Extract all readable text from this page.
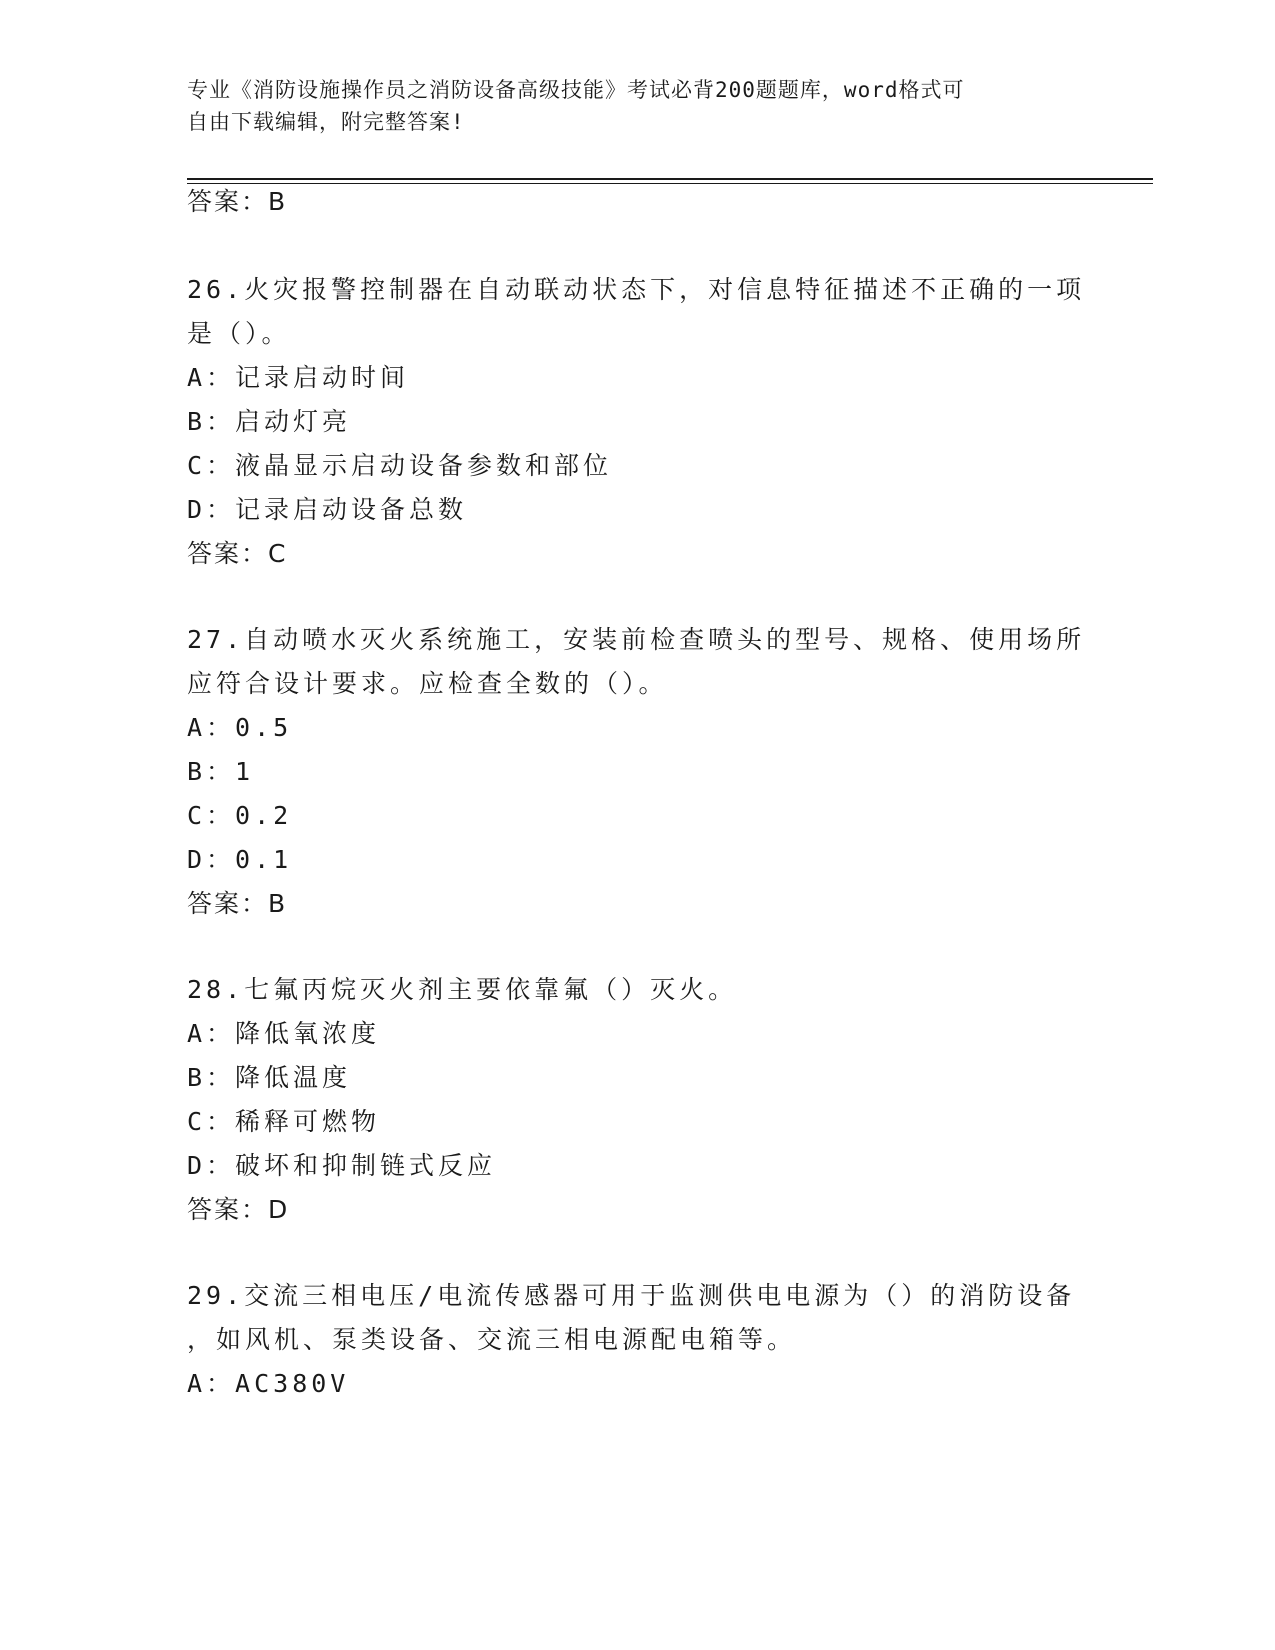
专业《消防设施操作员之消防设备高级技能》考试必背200题题库，word格式可
自由下载编辑，附完整答案!
答案：B
26.火灾报警控制器在自动联动状态下，对信息特征描述不正确的一项
是（）。
A：记录启动时间
B：启动灯亮
C：液晶显示启动设备参数和部位
D：记录启动设备总数
答案：C
27.自动喷水灭火系统施工，安装前检查喷头的型号、规格、使用场所
应符合设计要求。应检查全数的（）。
A：0.5
B：1
C：0.2
D：0.1
答案：B
28.七氟丙烷灭火剂主要依靠氟（）灭火。
A：降低氧浓度
B：降低温度
C：稀释可燃物
D：破坏和抑制链式反应
答案：D
29.交流三相电压/电流传感器可用于监测供电电源为（）的消防设备
，如风机、泵类设备、交流三相电源配电箱等。
A：AC380V
